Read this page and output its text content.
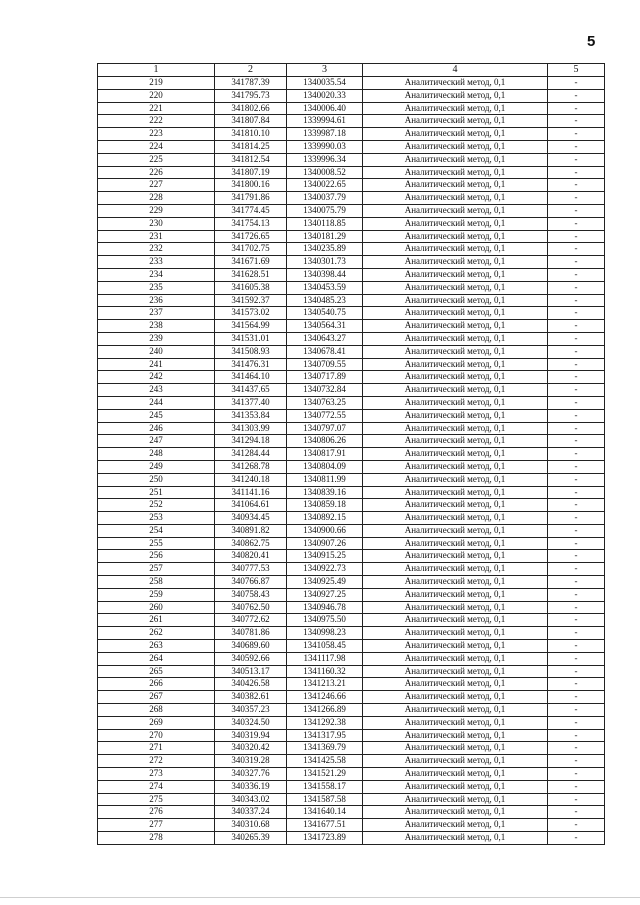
5
1	2	3	4	5
219	341787.39	1340035.54	Аналитический метод, 0,1	-
220	341795.73	1340020.33	Аналитический метод, 0,1	-
221	341802.66	1340006.40	Аналитический метод, 0,1	-
222	341807.84	1339994.61	Аналитический метод, 0,1	-
223	341810.10	1339987.18	Аналитический метод, 0,1	-
224	341814.25	1339990.03	Аналитический метод, 0,1	-
225	341812.54	1339996.34	Аналитический метод, 0,1	-
226	341807.19	1340008.52	Аналитический метод, 0,1	-
227	341800.16	1340022.65	Аналитический метод, 0,1	-
228	341791.86	1340037.79	Аналитический метод, 0,1	-
229	341774.45	1340075.79	Аналитический метод, 0,1	-
230	341754.13	1340118.85	Аналитический метод, 0,1	-
231	341726.65	1340181.29	Аналитический метод, 0,1	-
232	341702.75	1340235.89	Аналитический метод, 0,1	-
233	341671.69	1340301.73	Аналитический метод, 0,1	-
234	341628.51	1340398.44	Аналитический метод, 0,1	-
235	341605.38	1340453.59	Аналитический метод, 0,1	-
236	341592.37	1340485.23	Аналитический метод, 0,1	-
237	341573.02	1340540.75	Аналитический метод, 0,1	-
238	341564.99	1340564.31	Аналитический метод, 0,1	-
239	341531.01	1340643.27	Аналитический метод, 0,1	-
240	341508.93	1340678.41	Аналитический метод, 0,1	-
241	341476.31	1340709.55	Аналитический метод, 0,1	-
242	341464.10	1340717.89	Аналитический метод, 0,1	-
243	341437.65	1340732.84	Аналитический метод, 0,1	-
244	341377.40	1340763.25	Аналитический метод, 0,1	-
245	341353.84	1340772.55	Аналитический метод, 0,1	-
246	341303.99	1340797.07	Аналитический метод, 0,1	-
247	341294.18	1340806.26	Аналитический метод, 0,1	-
248	341284.44	1340817.91	Аналитический метод, 0,1	-
249	341268.78	1340804.09	Аналитический метод, 0,1	-
250	341240.18	1340811.99	Аналитический метод, 0,1	-
251	341141.16	1340839.16	Аналитический метод, 0,1	-
252	341064.61	1340859.18	Аналитический метод, 0,1	-
253	340934.45	1340892.15	Аналитический метод, 0,1	-
254	340891.82	1340900.66	Аналитический метод, 0,1	-
255	340862.75	1340907.26	Аналитический метод, 0,1	-
256	340820.41	1340915.25	Аналитический метод, 0,1	-
257	340777.53	1340922.73	Аналитический метод, 0,1	-
258	340766.87	1340925.49	Аналитический метод, 0,1	-
259	340758.43	1340927.25	Аналитический метод, 0,1	-
260	340762.50	1340946.78	Аналитический метод, 0,1	-
261	340772.62	1340975.50	Аналитический метод, 0,1	-
262	340781.86	1340998.23	Аналитический метод, 0,1	-
263	340689.60	1341058.45	Аналитический метод, 0,1	-
264	340592.66	1341117.98	Аналитический метод, 0,1	-
265	340513.17	1341160.32	Аналитический метод, 0,1	-
266	340426.58	1341213.21	Аналитический метод, 0,1	-
267	340382.61	1341246.66	Аналитический метод, 0,1	-
268	340357.23	1341266.89	Аналитический метод, 0,1	-
269	340324.50	1341292.38	Аналитический метод, 0,1	-
270	340319.94	1341317.95	Аналитический метод, 0,1	-
271	340320.42	1341369.79	Аналитический метод, 0,1	-
272	340319.28	1341425.58	Аналитический метод, 0,1	-
273	340327.76	1341521.29	Аналитический метод, 0,1	-
274	340336.19	1341558.17	Аналитический метод, 0,1	-
275	340343.02	1341587.58	Аналитический метод, 0,1	-
276	340337.24	1341640.14	Аналитический метод, 0,1	-
277	340310.68	1341677.51	Аналитический метод, 0,1	-
278	340265.39	1341723.89	Аналитический метод, 0,1	-
